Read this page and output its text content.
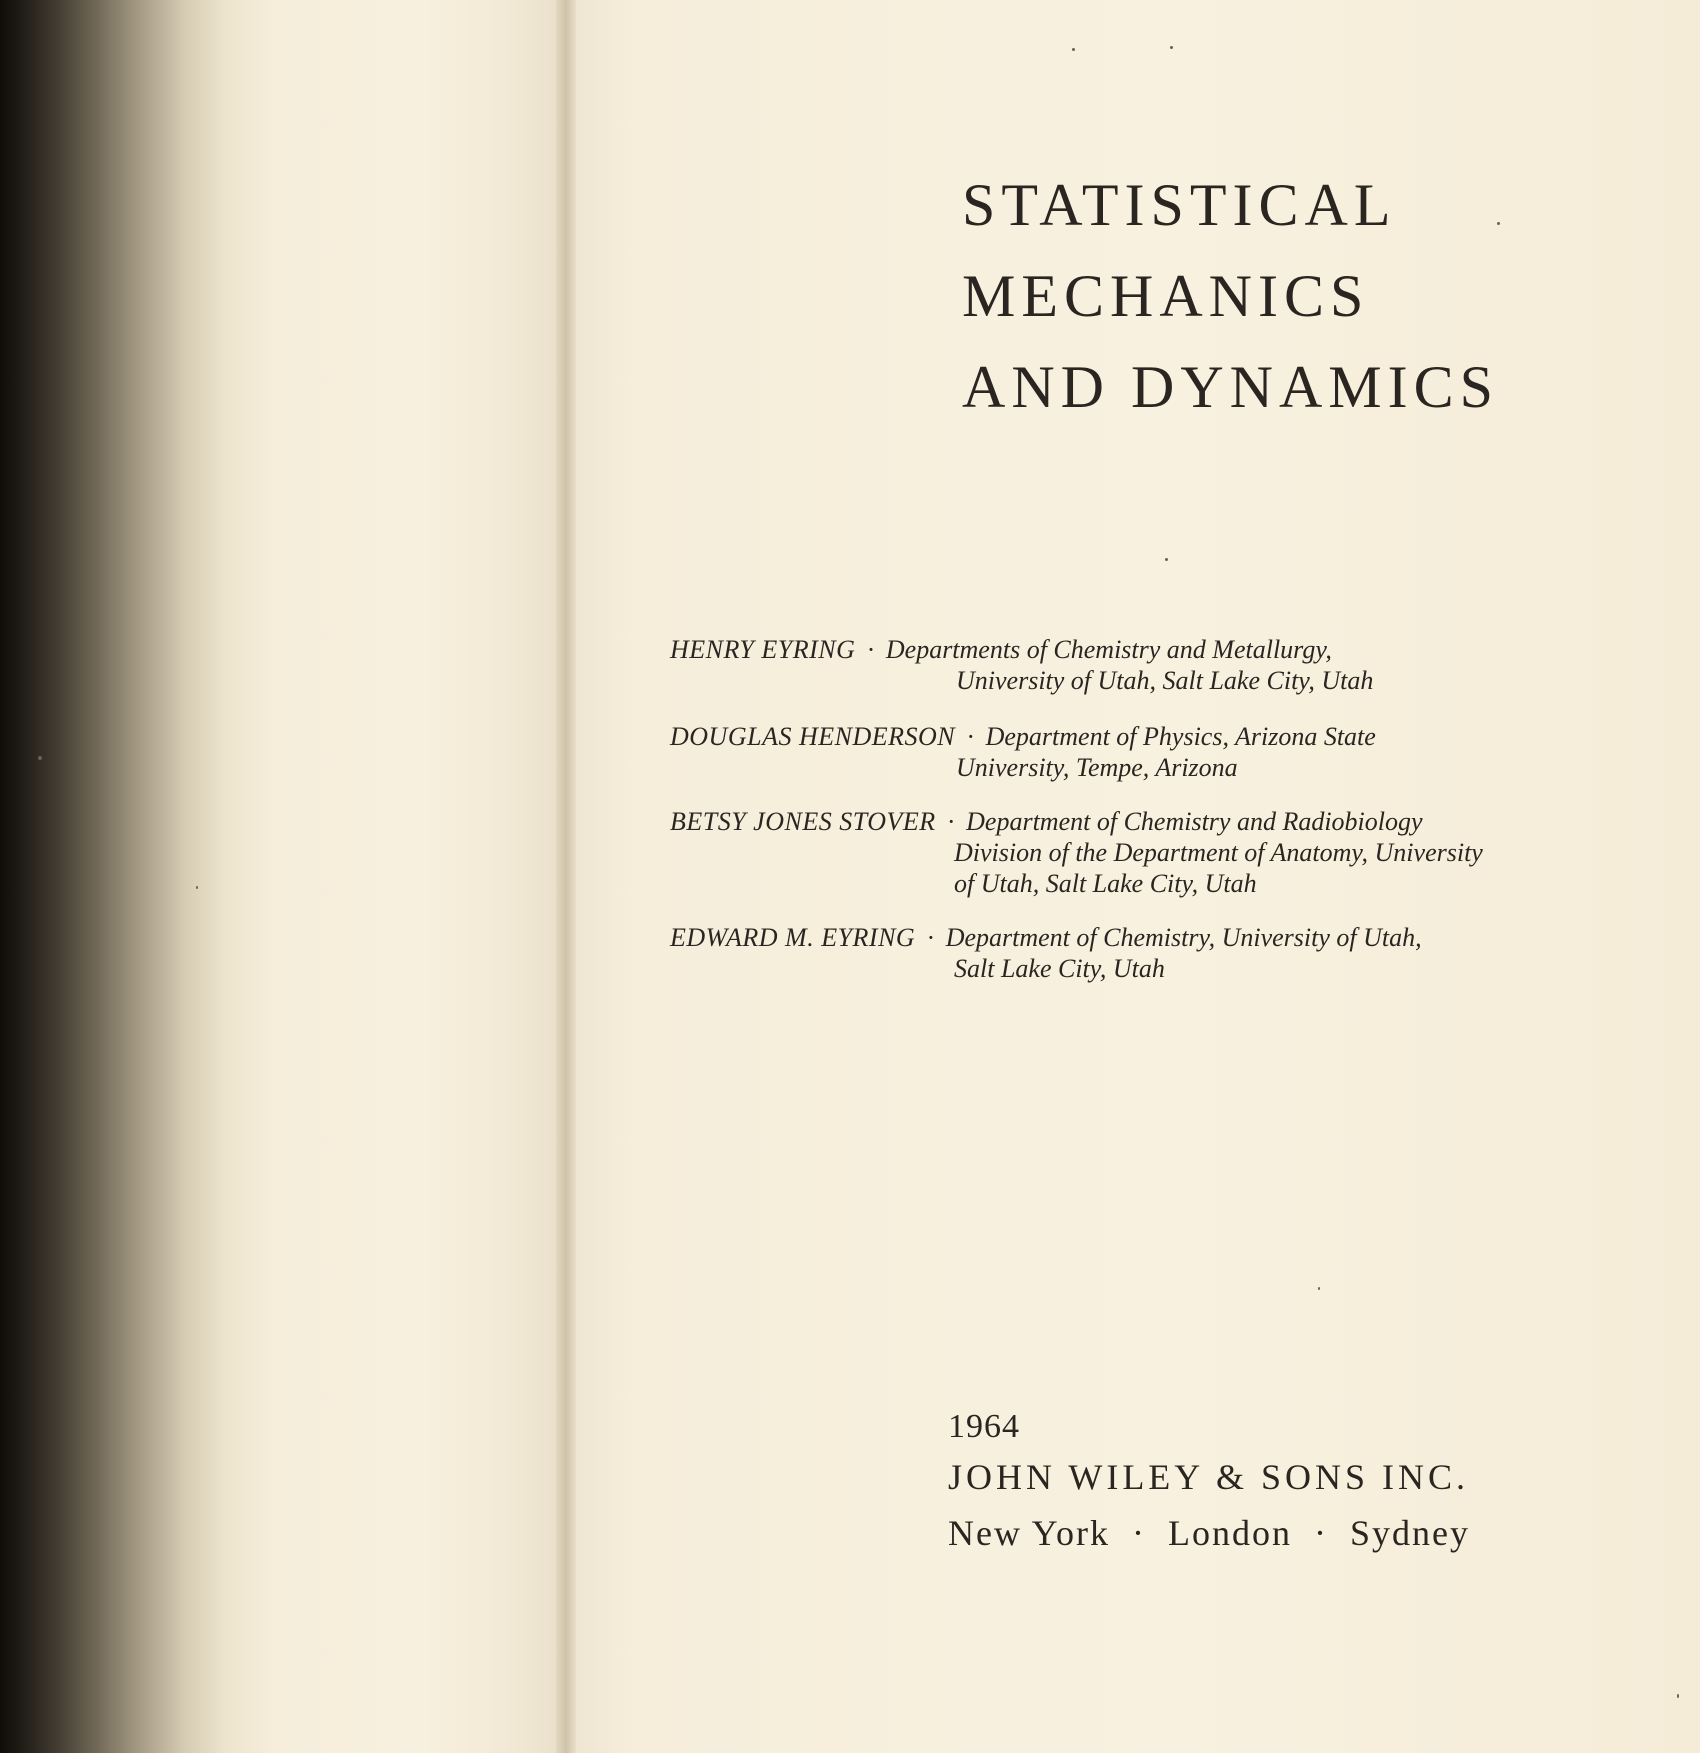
STATISTICAL
MECHANICS
AND DYNAMICS
HENRY EYRING · Departments of Chemistry and Metallurgy,
University of Utah, Salt Lake City, Utah
DOUGLAS HENDERSON · Department of Physics, Arizona State
University, Tempe, Arizona
BETSY JONES STOVER · Department of Chemistry and Radiobiology
Division of the Department of Anatomy, University
of Utah, Salt Lake City, Utah
EDWARD M. EYRING · Department of Chemistry, University of Utah,
Salt Lake City, Utah
1964
JOHN WILEY & SONS INC.
New York · London · Sydney
